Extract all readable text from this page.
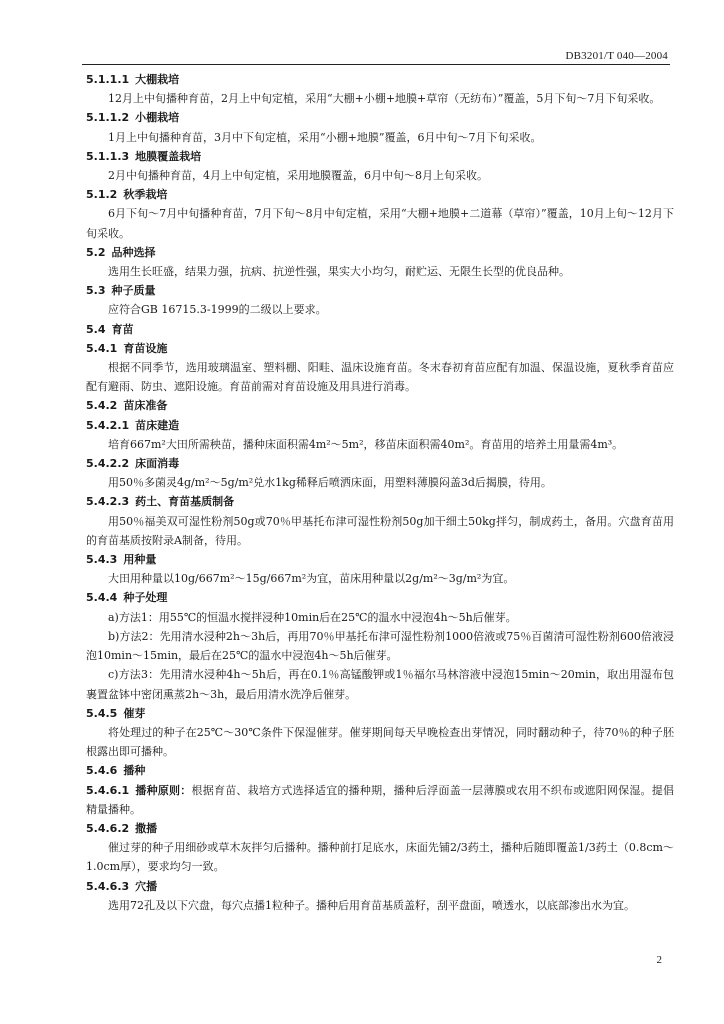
DB3201/T 040—2004
5.1.1.1 大棚栽培

12月上中旬播种育苗，2月上中旬定植，采用“大棚+小棚+地膜+草帘（无纺布）”覆盖，5月下旬～7月下旬采收。

5.1.1.2 小棚栽培

1月上中旬播种育苗，3月中下旬定植，采用“小棚+地膜”覆盖，6月中旬～7月下旬采收。

5.1.1.3 地膜覆盖栽培

2月中旬播种育苗，4月上中旬定植，采用地膜覆盖，6月中旬～8月上旬采收。

5.1.2 秋季栽培

6月下旬～7月中旬播种育苗，7月下旬～8月中旬定植，采用“大棚+地膜+二道幕（草帘）”覆盖，10月上旬～12月下旬采收。

5.2 品种选择

选用生长旺盛，结果力强，抗病、抗逆性强，果实大小均匀，耐贮运、无限生长型的优良品种。

5.3 种子质量

应符合GB 16715.3-1999的二级以上要求。

5.4 育苗
5.4.1 育苗设施

根据不同季节，选用玻璃温室、塑料棚、阳畦、温床设施育苗。冬末春初育苗应配有加温、保温设施，夏秋季育苗应配有避雨、防虫、遮阳设施。育苗前需对育苗设施及用具进行消毒。

5.4.2 苗床准备
5.4.2.1 苗床建造

培育667m²大田所需秧苗，播种床面积需4m²～5m²，移苗床面积需40m²。育苗用的培养土用量需4m³。

5.4.2.2 床面消毒

用50％多菌灵4g/m²～5g/m²兑水1kg稀释后喷洒床面，用塑料薄膜闷盖3d后揭膜，待用。

5.4.2.3 药土、育苗基质制备

用50％福美双可湿性粉剂50g或70％甲基托布津可湿性粉剂50g加干细土50kg拌匀，制成药土，备用。穴盘育苗用的育苗基质按附录A制备，待用。

5.4.3 用种量

大田用种量以10g/667m²～15g/667m²为宜，苗床用种量以2g/m²～3g/m²为宜。

5.4.4 种子处理

a)方法1：用55℃的恒温水搅拌浸种10min后在25℃的温水中浸泡4h～5h后催芽。

b)方法2：先用清水浸种2h～3h后，再用70％甲基托布津可湿性粉剂1000倍液或75％百菌清可湿性粉剂600倍液浸泡10min～15min，最后在25℃的温水中浸泡4h～5h后催芽。

c)方法3：先用清水浸种4h～5h后，再在0.1％高锰酸钾或1％福尔马林溶液中浸泡15min～20min，取出用湿布包裹置盆钵中密闭熏蒸2h～3h，最后用清水洗净后催芽。

5.4.5 催芽

将处理过的种子在25℃～30℃条件下保湿催芽。催芽期间每天早晚检查出芽情况，同时翻动种子，待70％的种子胚根露出即可播种。

5.4.6 播种

5.4.6.1 播种原则：根据育苗、栽培方式选择适宜的播种期，播种后浮面盖一层薄膜或农用不织布或遮阳网保湿。提倡精量播种。

5.4.6.2 撒播

催过芽的种子用细砂或草木灰拌匀后播种。播种前打足底水，床面先铺2/3药土，播种后随即覆盖1/3药土（0.8cm～1.0cm厚），要求均匀一致。

5.4.6.3 穴播

选用72孔及以下穴盘，每穴点播1粒种子。播种后用育苗基质盖籽，刮平盘面，喷透水，以底部渗出水为宜。

2
